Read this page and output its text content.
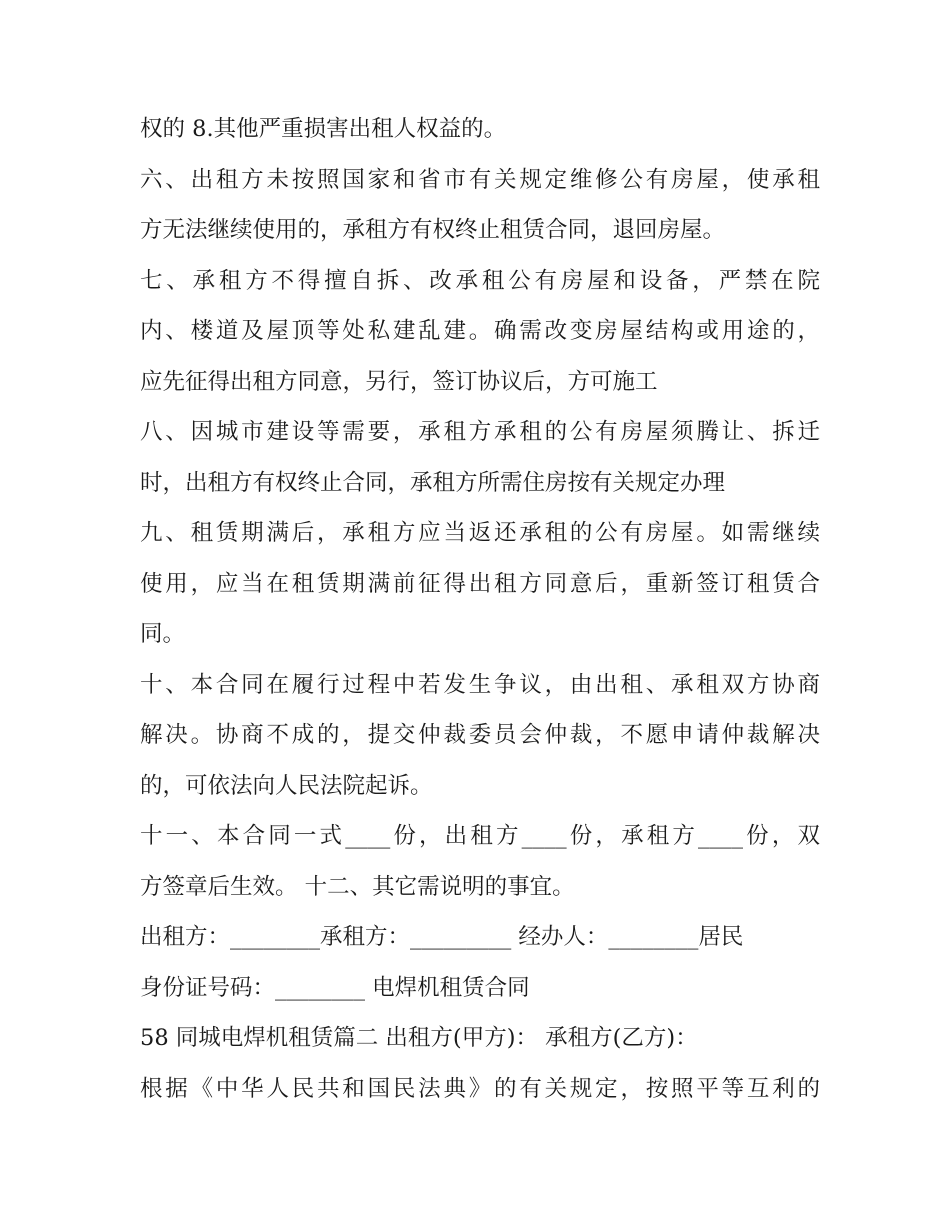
权的 8.其他严重损害出租人权益的。
六、出租方未按照国家和省市有关规定维修公有房屋，使承租
方无法继续使用的，承租方有权终止租赁合同，退回房屋。
七、承租方不得擅自拆、改承租公有房屋和设备，严禁在院
内、楼道及屋顶等处私建乱建。确需改变房屋结构或用途的，
应先征得出租方同意，另行，签订协议后，方可施工
八、因城市建设等需要，承租方承租的公有房屋须腾让、拆迁
时，出租方有权终止合同，承租方所需住房按有关规定办理
九、租赁期满后，承租方应当返还承租的公有房屋。如需继续
使用，应当在租赁期满前征得出租方同意后，重新签订租赁合
同。
十、本合同在履行过程中若发生争议，由出租、承租双方协商
解决。协商不成的，提交仲裁委员会仲裁，不愿申请仲裁解决
的，可依法向人民法院起诉。
十一、本合同一式____份，出租方____份，承租方____份，双
方签章后生效。 十二、其它需说明的事宜。
出租方：________承租方：_________ 经办人：________居民
身份证号码：________ 电焊机租赁合同
58 同城电焊机租赁篇二 出租方(甲方)： 承租方(乙方)：
根据《中华人民共和国民法典》的有关规定，按照平等互利的
